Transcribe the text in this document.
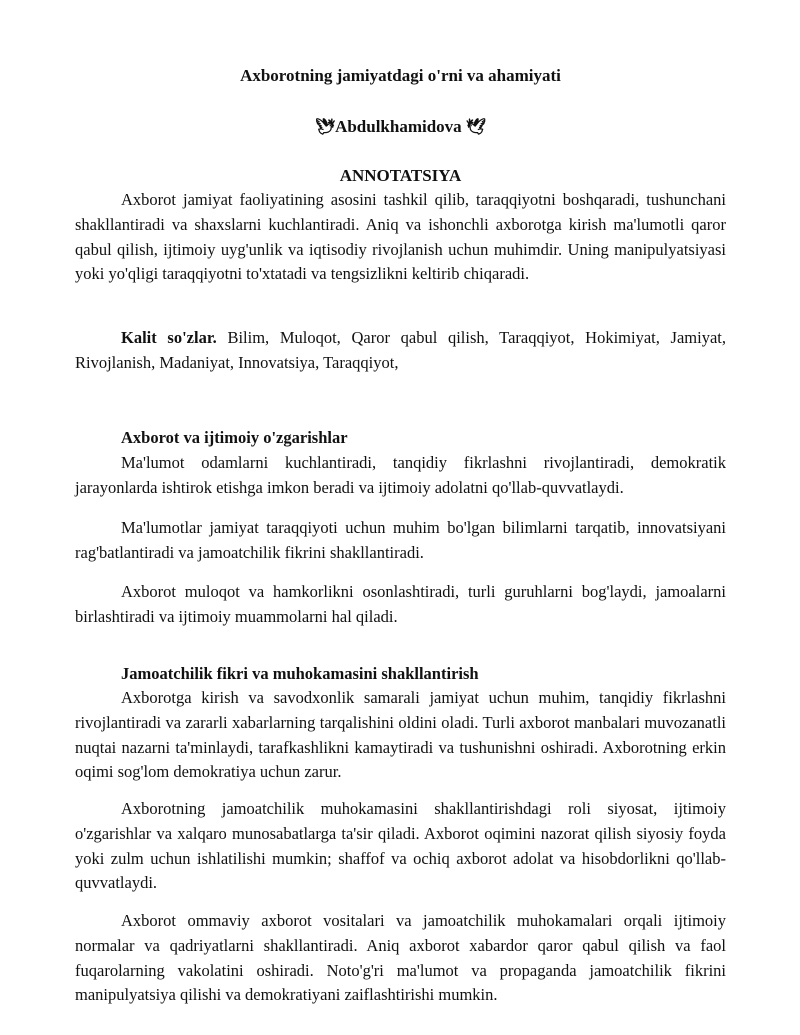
Axborotning jamiyatdagi o'rni va ahamiyati
🕊Abdulkhamidova 🕊
ANNOTATSIYA

Axborot jamiyat faoliyatining asosini tashkil qilib, taraqqiyotni boshqaradi, tushunchani shakllantiradi va shaxslarni kuchlantiradi. Aniq va ishonchli axborotga kirish ma'lumotli qaror qabul qilish, ijtimoiy uyg'unlik va iqtisodiy rivojlanish uchun muhimdir. Uning manipulyatsiyasi yoki yo'qligi taraqqiyotni to'xtatadi va tengsizlikni keltirib chiqaradi.

Kalit so'zlar. Bilim, Muloqot, Qaror qabul qilish, Taraqqiyot, Hokimiyat, Jamiyat, Rivojlanish, Madaniyat, Innovatsiya, Taraqqiyot,

Axborot va ijtimoiy o'zgarishlar

Ma'lumot odamlarni kuchlantiradi, tanqidiy fikrlashni rivojlantiradi, demokratik jarayonlarda ishtirok etishga imkon beradi va ijtimoiy adolatni qo'llab-quvvatlaydi.

Ma'lumotlar jamiyat taraqqiyoti uchun muhim bo'lgan bilimlarni tarqatib, innovatsiyani rag'batlantiradi va jamoatchilik fikrini shakllantiradi.

Axborot muloqot va hamkorlikni osonlashtiradi, turli guruhlarni bog'laydi, jamoalarni birlashtiradi va ijtimoiy muammolarni hal qiladi.

Jamoatchilik fikri va muhokamasini shakllantirish

Axborotga kirish va savodxonlik samarali jamiyat uchun muhim, tanqidiy fikrlashni rivojlantiradi va zararli xabarlarning tarqalishini oldini oladi. Turli axborot manbalari muvozanatli nuqtai nazarni ta'minlaydi, tarafkashlikni kamaytiradi va tushunishni oshiradi. Axborotning erkin oqimi sog'lom demokratiya uchun zarur.

Axborotning jamoatchilik muhokamasini shakllantirishdagi roli siyosat, ijtimoiy o'zgarishlar va xalqaro munosabatlarga ta'sir qiladi. Axborot oqimini nazorat qilish siyosiy foyda yoki zulm uchun ishlatilishi mumkin; shaffof va ochiq axborot adolat va hisobdorlikni qo'llab-quvvatlaydi.

Axborot ommaviy axborot vositalari va jamoatchilik muhokamalari orqali ijtimoiy normalar va qadriyatlarni shakllantiradi. Aniq axborot xabardor qaror qabul qilish va faol fuqarolarning vakolatini oshiradi. Noto'g'ri ma'lumot va propaganda jamoatchilik fikrini manipulyatsiya qilishi va demokratiyani zaiflashtirishi mumkin.
